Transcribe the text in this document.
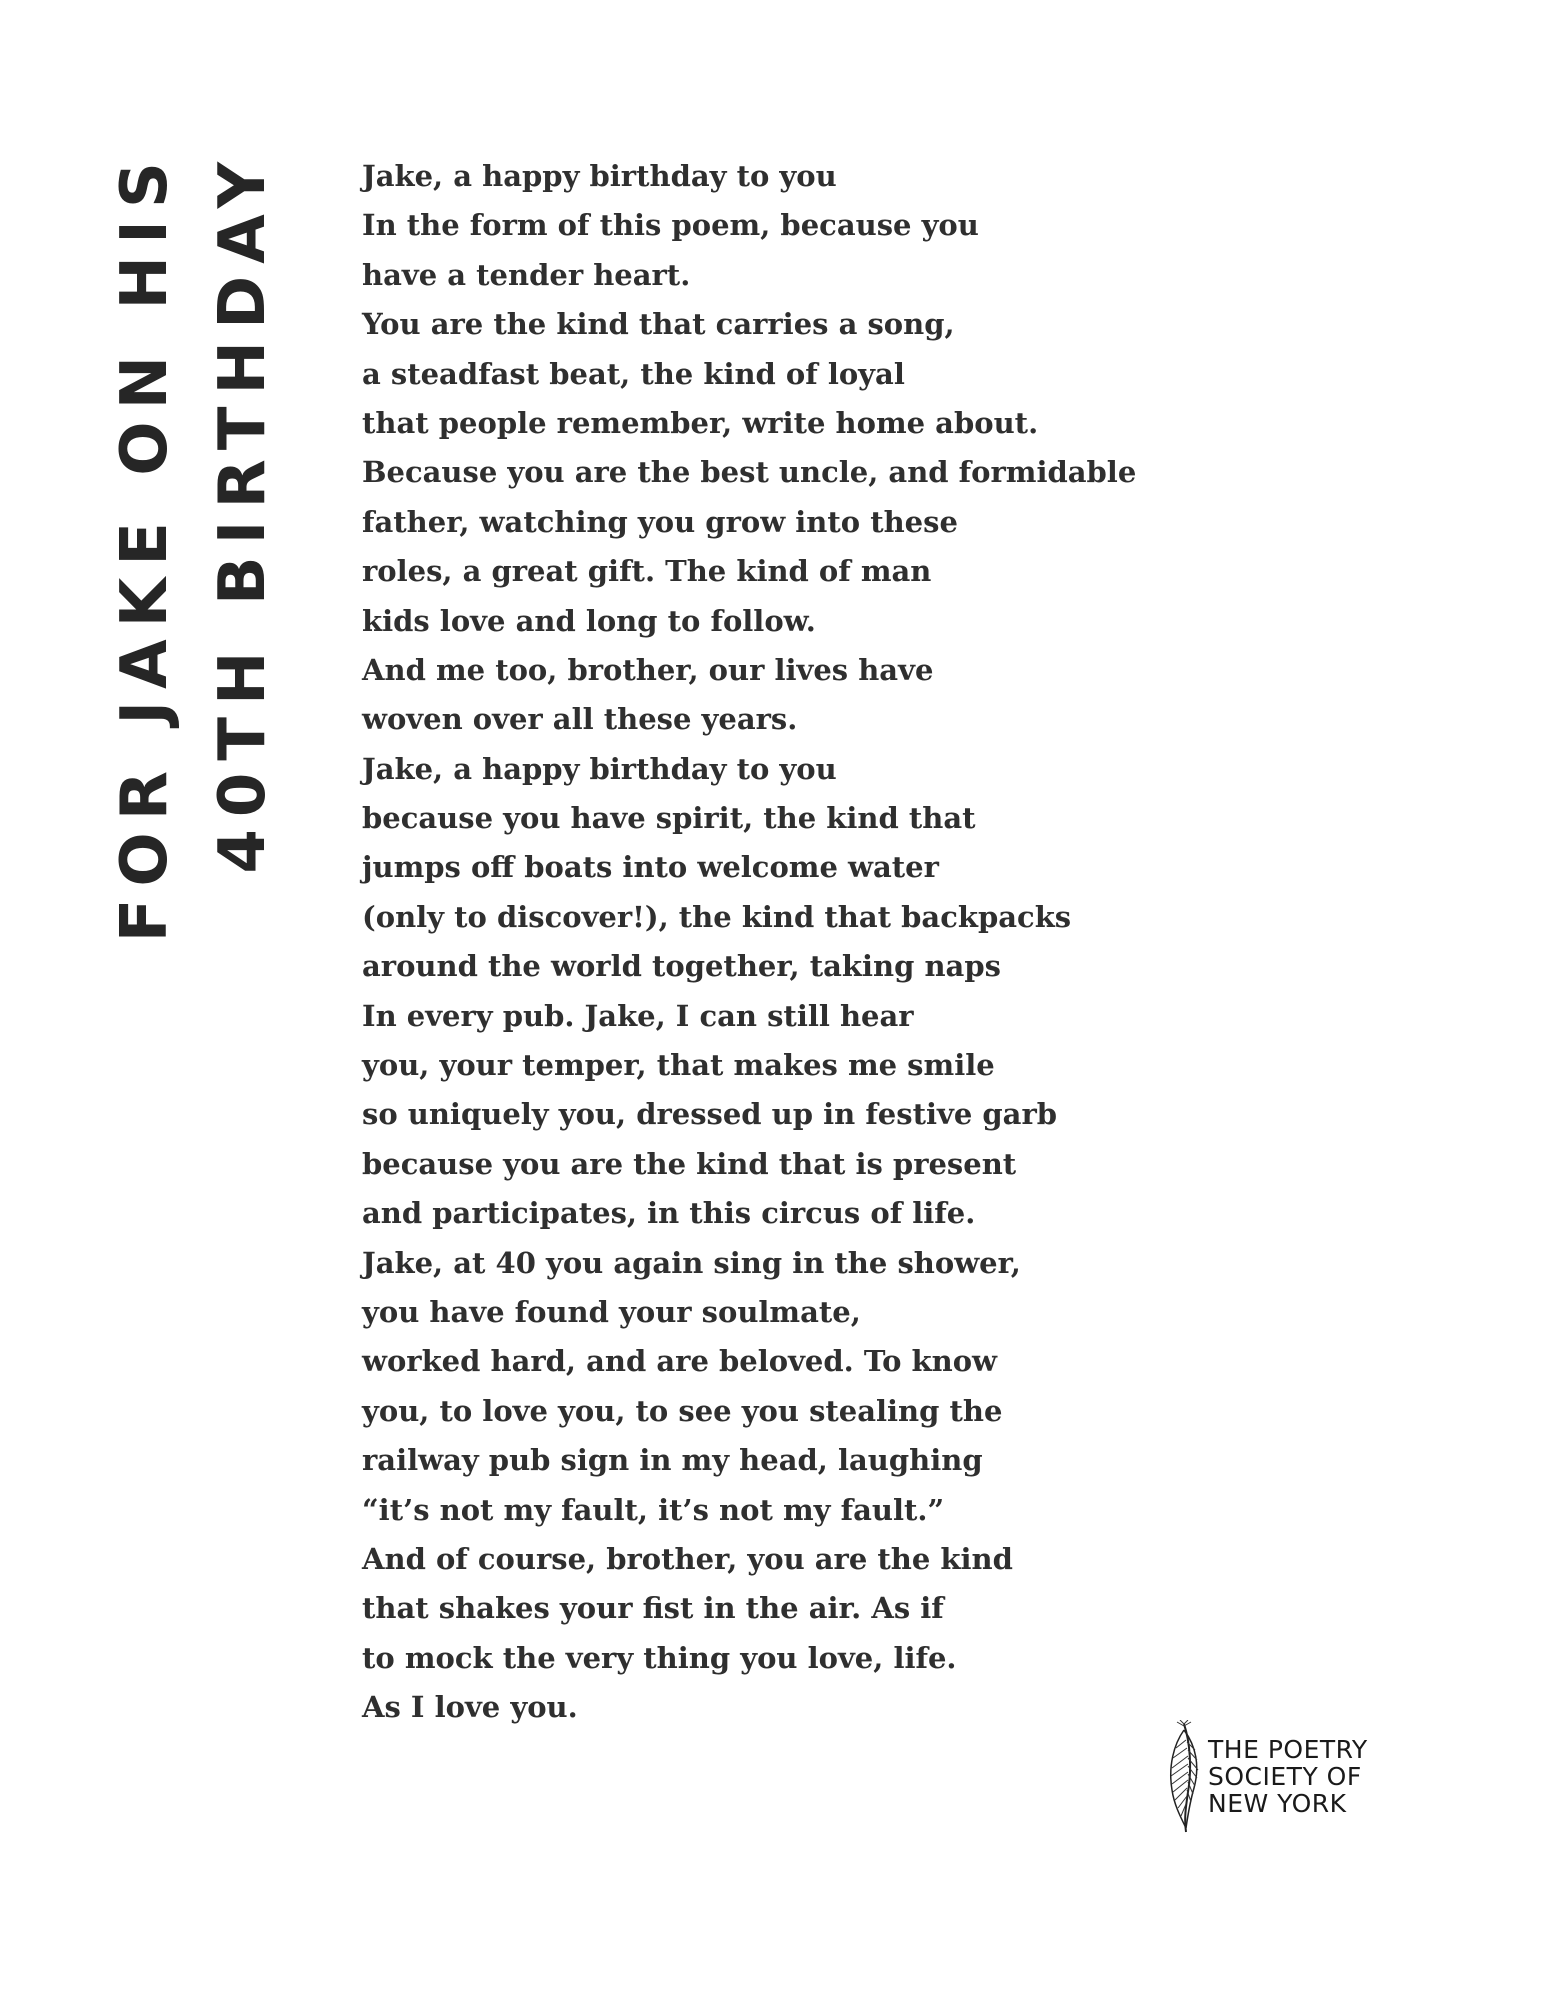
FOR JAKE ON HIS 40TH BIRTHDAY	Jake, a happy birthday to you
In the form of this poem, because you
have a tender heart.
You are the kind that carries a song,
a steadfast beat, the kind of loyal
that people remember, write home about.
Because you are the best uncle, and formidable
father, watching you grow into these
roles, a great gift. The kind of man
kids love and long to follow.
And me too, brother, our lives have
woven over all these years.
Jake, a happy birthday to you
because you have spirit, the kind that
jumps off boats into welcome water
(only to discover!), the kind that backpacks
around the world together, taking naps
In every pub. Jake, I can still hear
you, your temper, that makes me smile
so uniquely you, dressed up in festive garb
because you are the kind that is present
and participates, in this circus of life.
Jake, at 40 you again sing in the shower,
you have found your soulmate,
worked hard, and are beloved. To know
you, to love you, to see you stealing the
railway pub sign in my head, laughing
“it’s not my fault, it’s not my fault.”
And of course, brother, you are the kind
that shakes your fist in the air. As if
to mock the very thing you love, life.
As I love you.
THE POETRY
SOCIETY OF
NEW YORK
